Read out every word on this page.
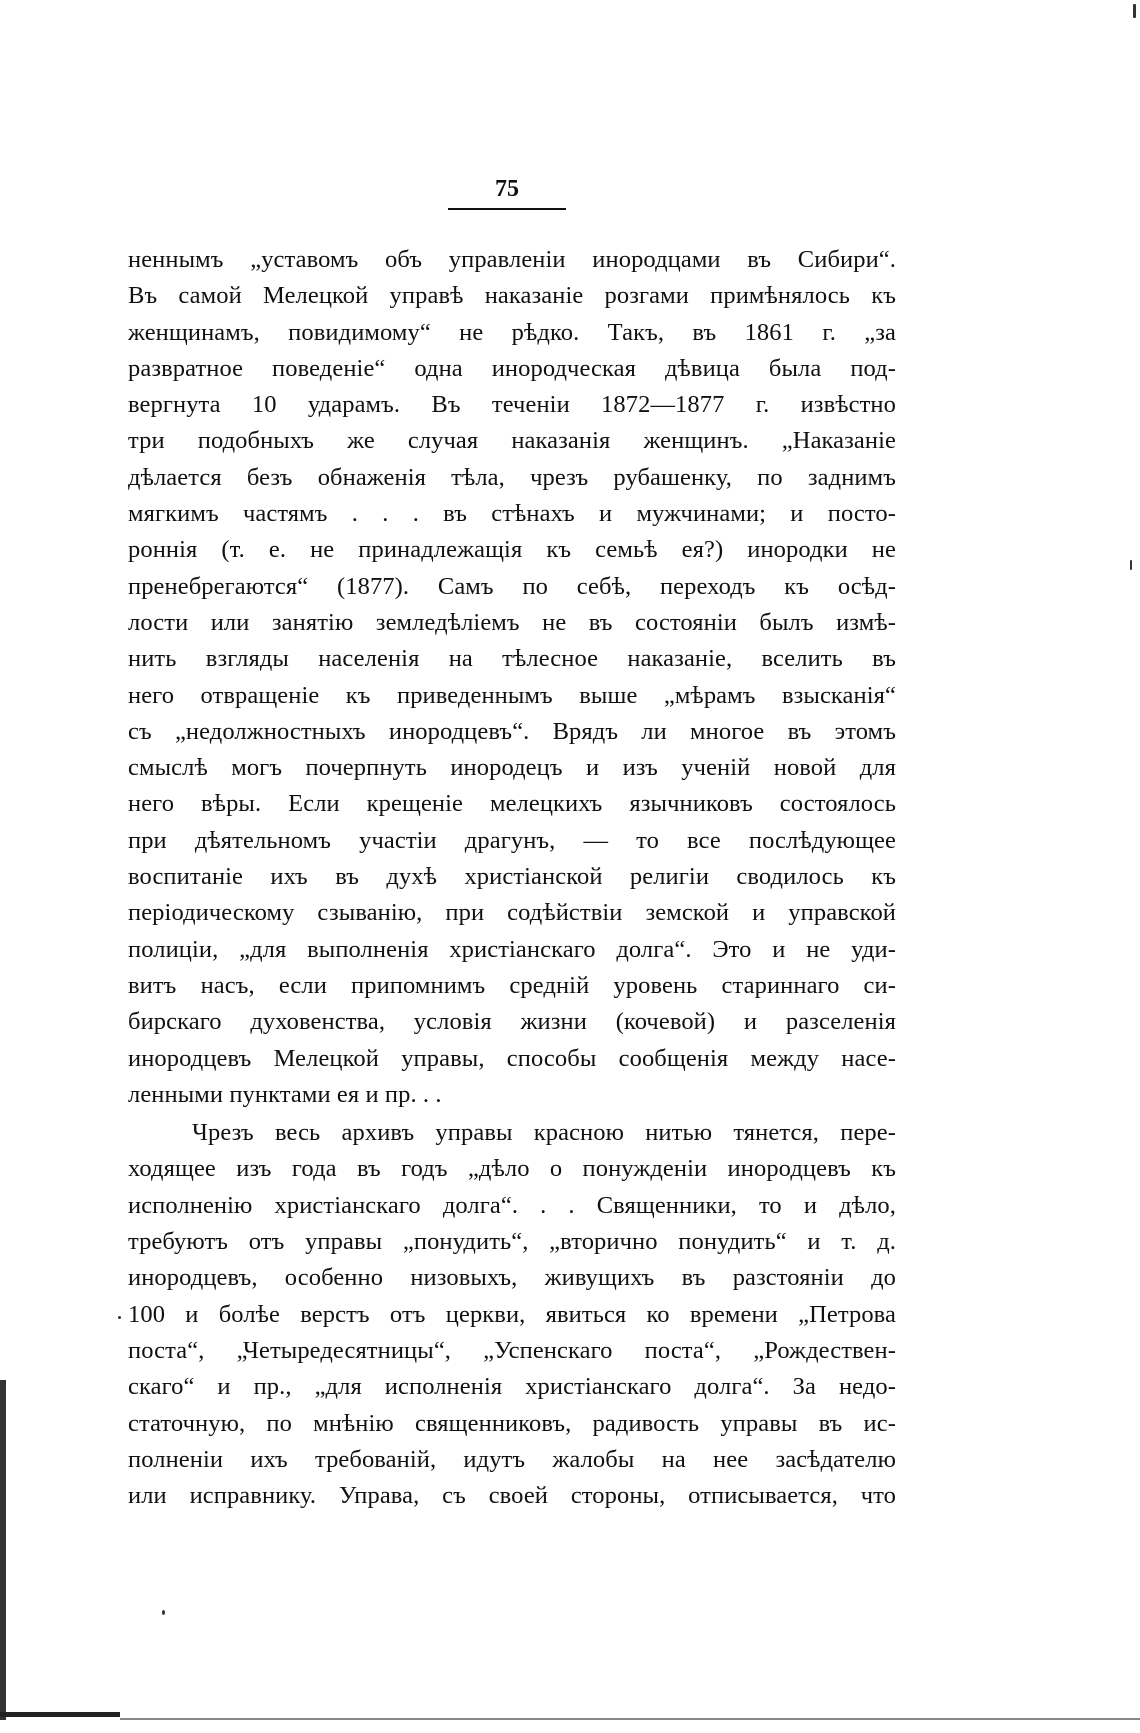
75
неннымъ „уставомъ объ управленіи инородцами въ Сибири“.
Въ самой Мелецкой управѣ наказаніе розгами примѣнялось къ
женщинамъ, повидимому“ не рѣдко. Такъ, въ 1861 г. „за
развратное поведеніе“ одна инородческая дѣвица была под-
вергнута 10 ударамъ. Въ теченіи 1872—1877 г. извѣстно
три подобныхъ же случая наказанія женщинъ. „Наказаніе
дѣлается безъ обнаженія тѣла, чрезъ рубашенку, по заднимъ
мягкимъ частямъ . . . въ стѣнахъ и мужчинами; и посто-
роннія (т. е. не принадлежащія къ семьѣ ея?) инородки не
пренебрегаются“ (1877). Самъ по себѣ, переходъ къ осѣд-
лости или занятію земледѣліемъ не въ состояніи былъ измѣ-
нить взгляды населенія на тѣлесное наказаніе, вселить въ
него отвращеніе къ приведеннымъ выше „мѣрамъ взысканія“
съ „недолжностныхъ инородцевъ“. Врядъ ли многое въ этомъ
смыслѣ могъ почерпнуть инородецъ и изъ ученій новой для
него вѣры. Если крещеніе мелецкихъ язычниковъ состоялось
при дѣятельномъ участіи драгунъ, — то все послѣдующее
воспитаніе ихъ въ духѣ христіанской религіи сводилось къ
періодическому сзыванію, при содѣйствіи земской и управской
полиціи, „для выполненія христіанскаго долга“. Это и не уди-
витъ насъ, если припомнимъ средній уровень стариннаго си-
бирскаго духовенства, условія жизни (кочевой) и разселенія
инородцевъ Мелецкой управы, способы сообщенія между насе-
ленными пунктами ея и пр. . .
Чрезъ весь архивъ управы красною нитью тянется, пере-
ходящее изъ года въ годъ „дѣло о понужденіи инородцевъ къ
исполненію христіанскаго долга“. . . Священники, то и дѣло,
требуютъ отъ управы „понудить“, „вторично понудить“ и т. д.
инородцевъ, особенно низовыхъ, живущихъ въ разстояніи до
100 и болѣе верстъ отъ церкви, явиться ко времени „Петрова
поста“, „Четыредесятницы“, „Успенскаго поста“, „Рождествен-
скаго“ и пр., „для исполненія христіанскаго долга“. За недо-
статочную, по мнѣнію священниковъ, радивость управы въ ис-
полненіи ихъ требованій, идутъ жалобы на нее засѣдателю
или исправнику. Управа, съ своей стороны, отписывается, что
